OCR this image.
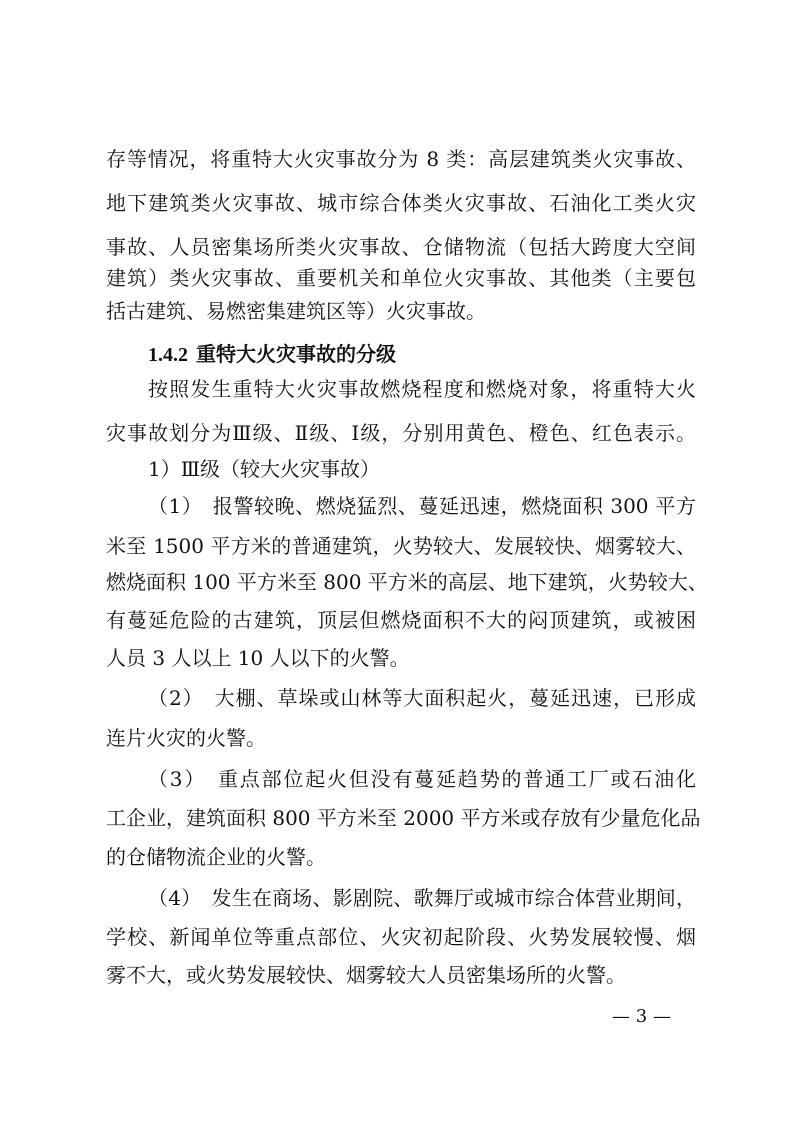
存等情况，将重特大火灾事故分为 8 类：高层建筑类火灾事故、
地下建筑类火灾事故、城市综合体类火灾事故、石油化工类火灾
事故、人员密集场所类火灾事故、仓储物流（包括大跨度大空间
建筑）类火灾事故、重要机关和单位火灾事故、其他类（主要包
括古建筑、易燃密集建筑区等）火灾事故。
1.4.2 重特大火灾事故的分级
按照发生重特大火灾事故燃烧程度和燃烧对象，将重特大火
灾事故划分为Ⅲ级、Ⅱ级、Ⅰ级，分别用黄色、橙色、红色表示。
1）Ⅲ级（较大火灾事故）
（1）　报警较晚、燃烧猛烈、蔓延迅速，燃烧面积 300 平方
米至 1500 平方米的普通建筑，火势较大、发展较快、烟雾较大、
燃烧面积 100 平方米至 800 平方米的高层、地下建筑，火势较大、
有蔓延危险的古建筑，顶层但燃烧面积不大的闷顶建筑，或被困
人员 3 人以上 10 人以下的火警。
（2）　大棚、草垛或山林等大面积起火，蔓延迅速，已形成
连片火灾的火警。
（3）　重点部位起火但没有蔓延趋势的普通工厂或石油化
工企业，建筑面积 800 平方米至 2000 平方米或存放有少量危化品
的仓储物流企业的火警。
（4）　发生在商场、影剧院、歌舞厅或城市综合体营业期间，
学校、新闻单位等重点部位、火灾初起阶段、火势发展较慢、烟
雾不大，或火势发展较快、烟雾较大人员密集场所的火警。
— 3 —
